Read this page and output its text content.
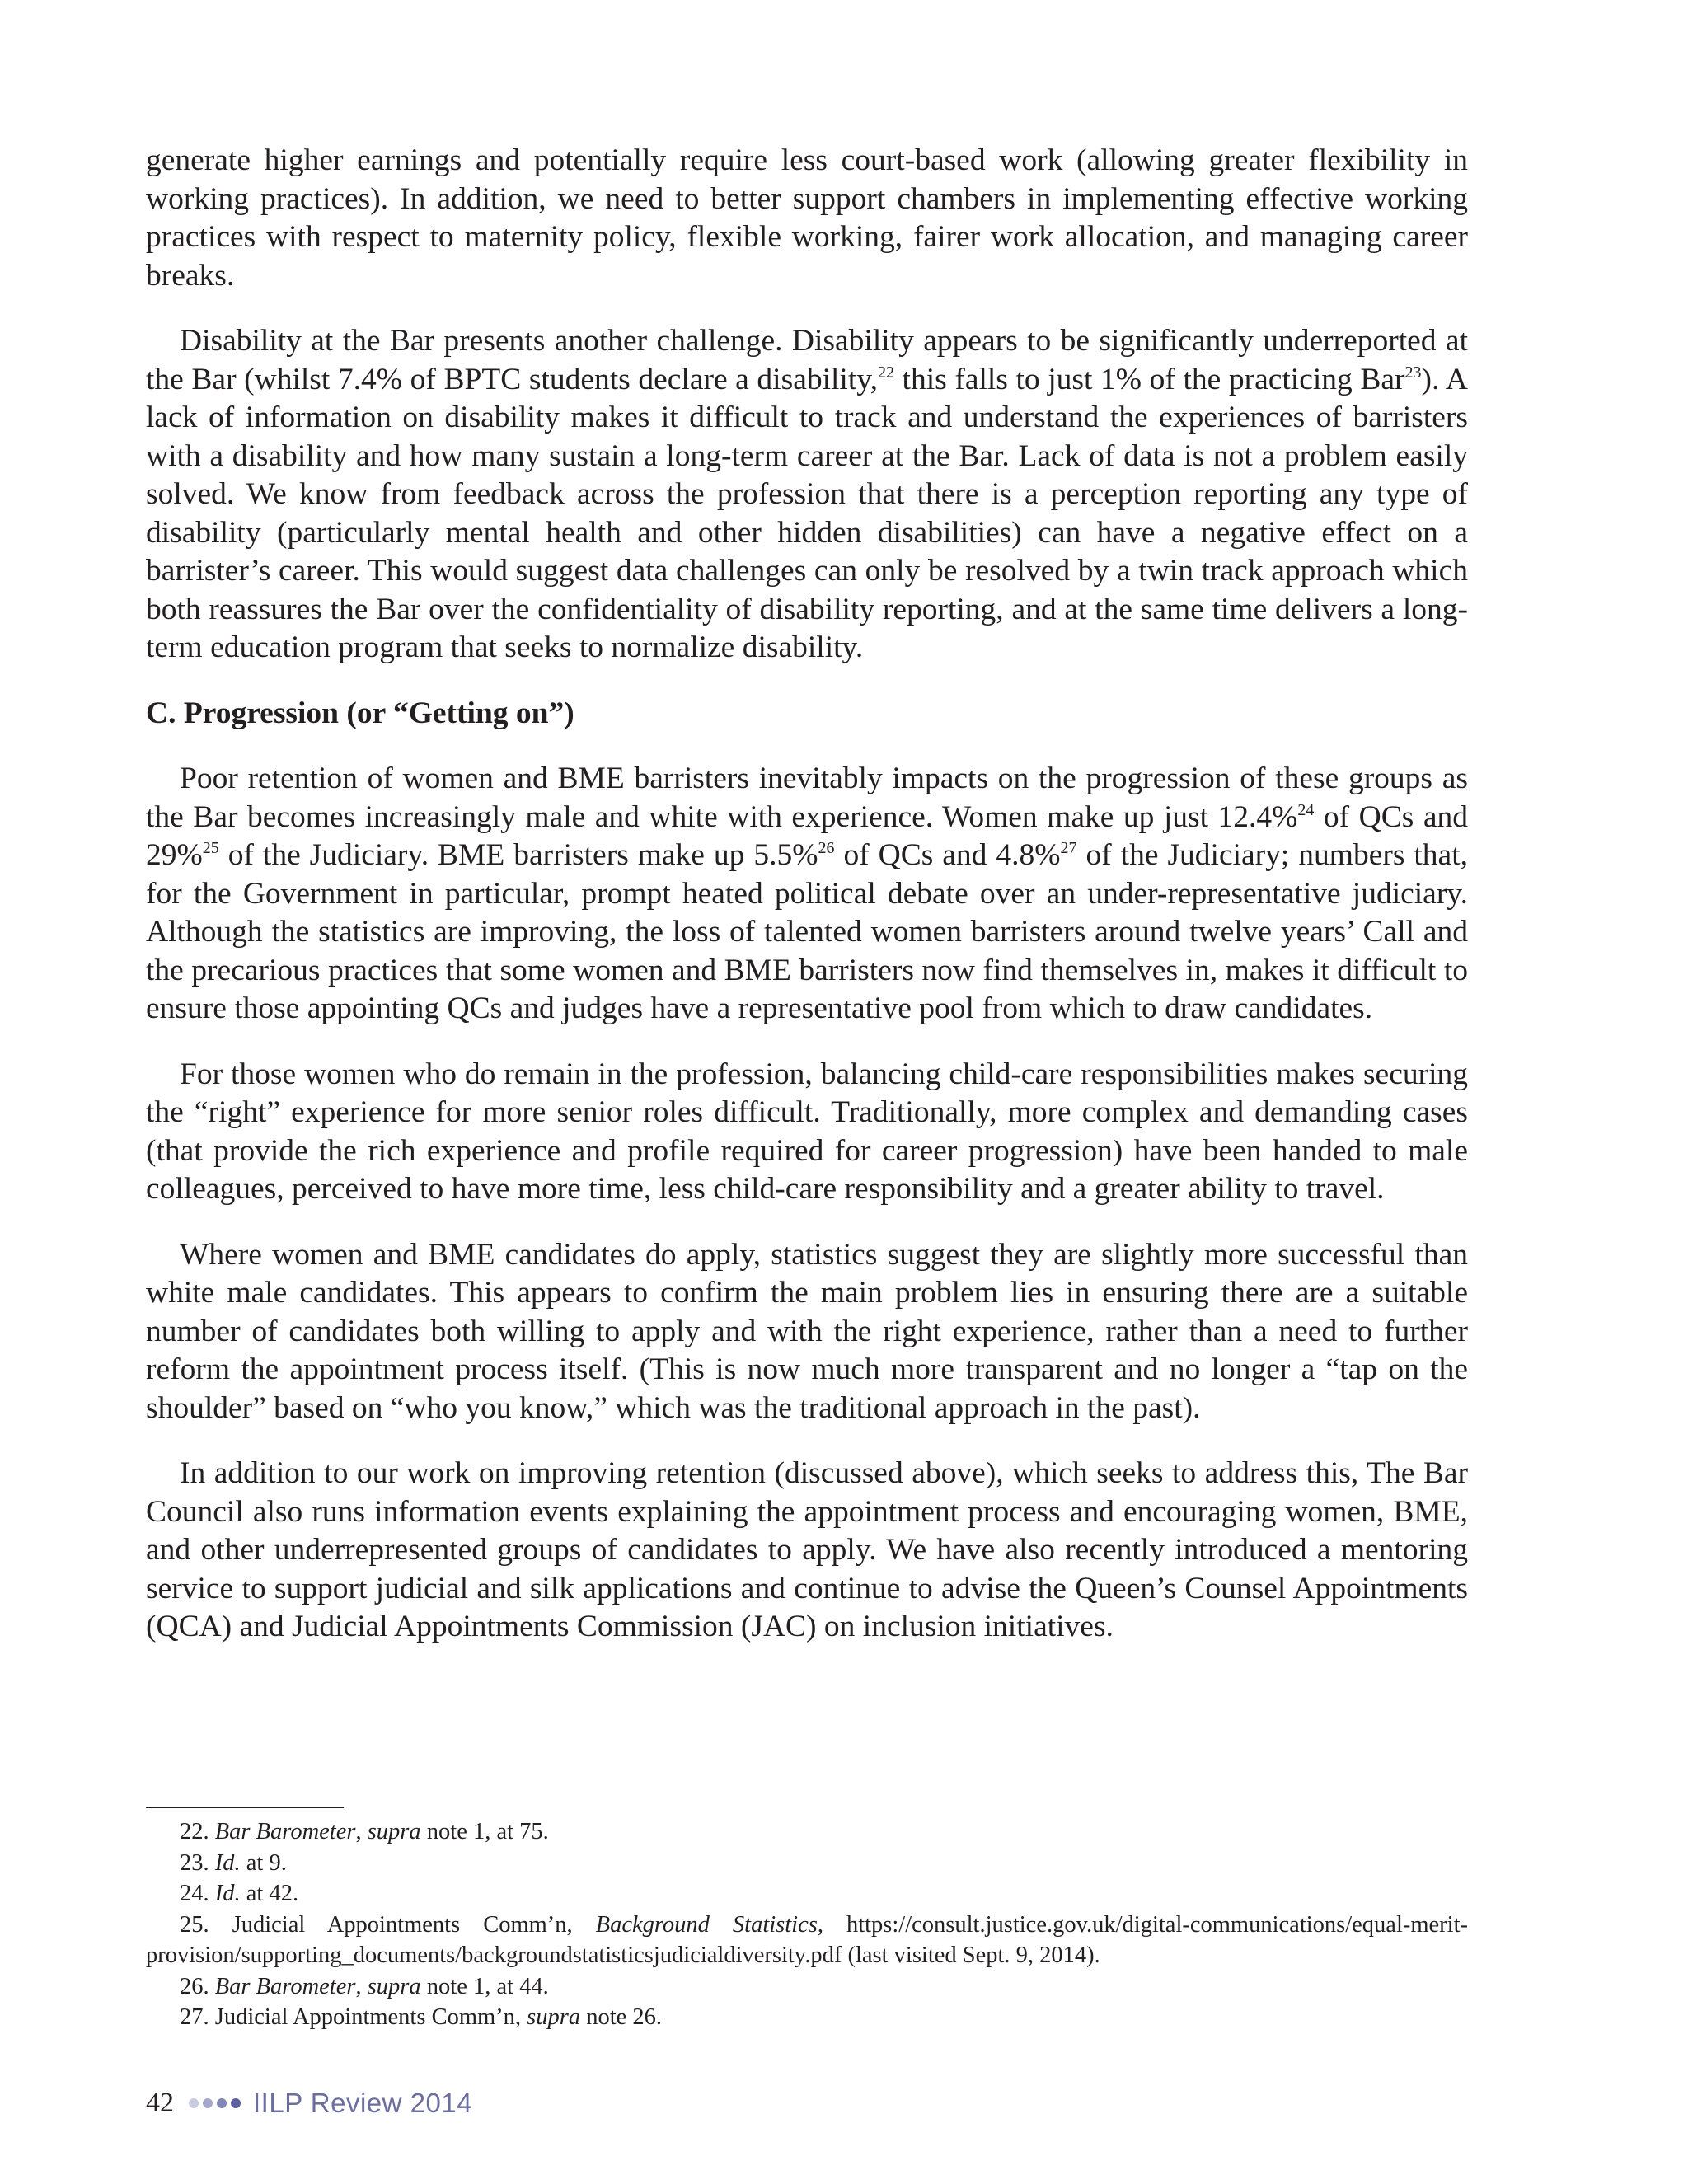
generate higher earnings and potentially require less court-based work (allowing greater flexibility in working practices). In addition, we need to better support chambers in implementing effective working practices with respect to maternity policy, flexible working, fairer work allocation, and managing career breaks.

Disability at the Bar presents another challenge. Disability appears to be significantly underreported at the Bar (whilst 7.4% of BPTC students declare a disability,$^{22}$ this falls to just 1% of the practicing Bar$^{23}$). A lack of information on disability makes it difficult to track and understand the experiences of barristers with a disability and how many sustain a long-term career at the Bar. Lack of data is not a problem easily solved. We know from feedback across the profession that there is a perception reporting any type of disability (particularly mental health and other hidden disabilities) can have a negative effect on a barrister’s career. This would suggest data challenges can only be resolved by a twin track approach which both reassures the Bar over the confidentiality of disability reporting, and at the same time delivers a long-term education program that seeks to normalize disability.

C. Progression (or “Getting on”)

Poor retention of women and BME barristers inevitably impacts on the progression of these groups as the Bar becomes increasingly male and white with experience. Women make up just 12.4%$^{24}$ of QCs and 29%$^{25}$ of the Judiciary. BME barristers make up 5.5%$^{26}$ of QCs and 4.8%$^{27}$ of the Judiciary; numbers that, for the Government in particular, prompt heated political debate over an under-representative judiciary. Although the statistics are improving, the loss of talented women barristers around twelve years’ Call and the precarious practices that some women and BME barristers now find themselves in, makes it difficult to ensure those appointing QCs and judges have a representative pool from which to draw candidates.

For those women who do remain in the profession, balancing child-care responsibilities makes securing the “right” experience for more senior roles difficult. Traditionally, more complex and demanding cases (that provide the rich experience and profile required for career progression) have been handed to male colleagues, perceived to have more time, less child-care responsibility and a greater ability to travel.

Where women and BME candidates do apply, statistics suggest they are slightly more successful than white male candidates. This appears to confirm the main problem lies in ensuring there are a suitable number of candidates both willing to apply and with the right experience, rather than a need to further reform the appointment process itself. (This is now much more transparent and no longer a “tap on the shoulder” based on “who you know,” which was the traditional approach in the past).

In addition to our work on improving retention (discussed above), which seeks to address this, The Bar Council also runs information events explaining the appointment process and encouraging women, BME, and other underrepresented groups of candidates to apply. We have also recently introduced a mentoring service to support judicial and silk applications and continue to advise the Queen’s Counsel Appointments (QCA) and Judicial Appointments Commission (JAC) on inclusion initiatives.

22. Bar Barometer, supra note 1, at 75.

23. Id. at 9.

24. Id. at 42.

25. Judicial Appointments Comm’n, Background Statistics, https://consult.justice.gov.uk/digital-communications/equal-merit-provision/supporting_documents/backgroundstatisticsjudicialdiversity.pdf (last visited Sept. 9, 2014).

26. Bar Barometer, supra note 1, at 44.

27. Judicial Appointments Comm’n, supra note 26.

42	IILP Review 2014
